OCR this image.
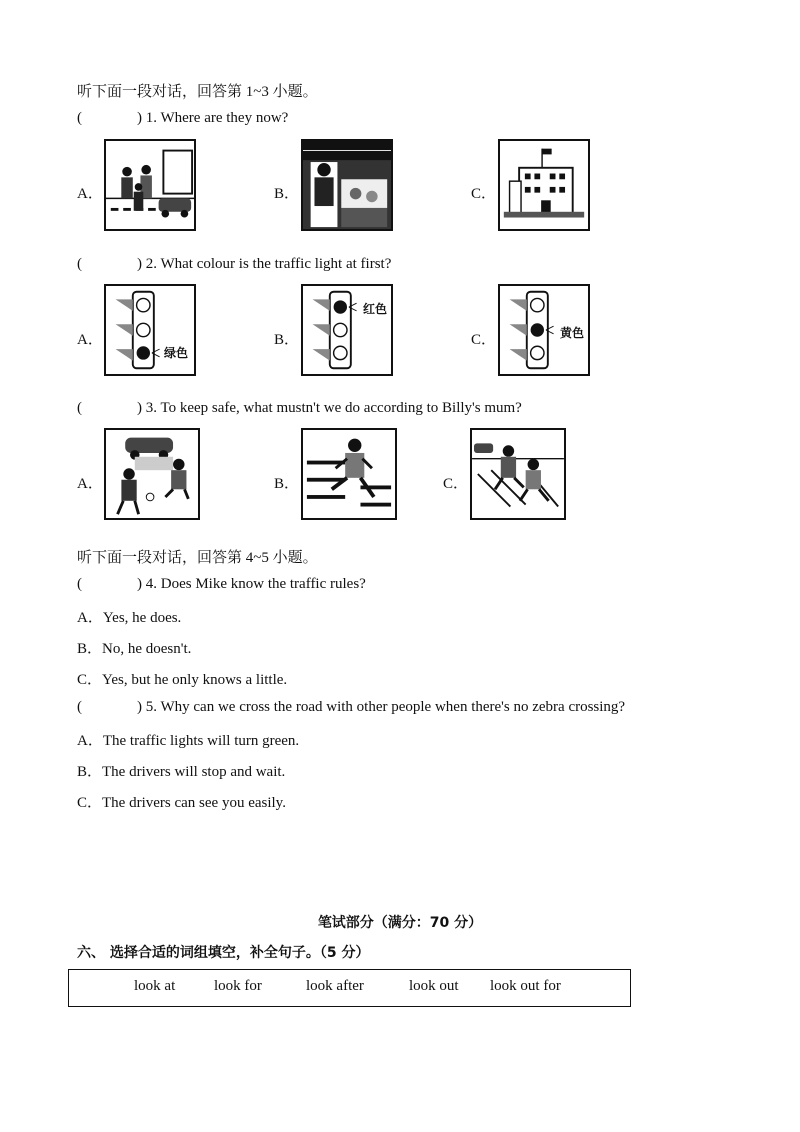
听下面一段对话，回答第 1~3 小题。
(	) 1. Where are they now?
A．	B．	C．
(	) 2. What colour is the traffic light at first?
A．
绿色
B．
红色
C．	黄色
(	) 3. To keep safe, what mustn't we do according to Billy's mum?
A．	B．	C．
听下面一段对话，回答第 4~5 小题。
(	) 4. Does Mike know the traffic rules?
A．Yes, he does.
B．No, he doesn't.
C．Yes, but he only knows a little.
(	) 5. Why can we cross the road with other people when there's no zebra crossing?
A．The traffic lights will turn green.
B．The drivers will stop and wait.
C．The drivers can see you easily.
笔试部分（满分：70 分）
六、 选择合适的词组填空，补全句子。（5 分）
look at	look for	look after	look out look out for
